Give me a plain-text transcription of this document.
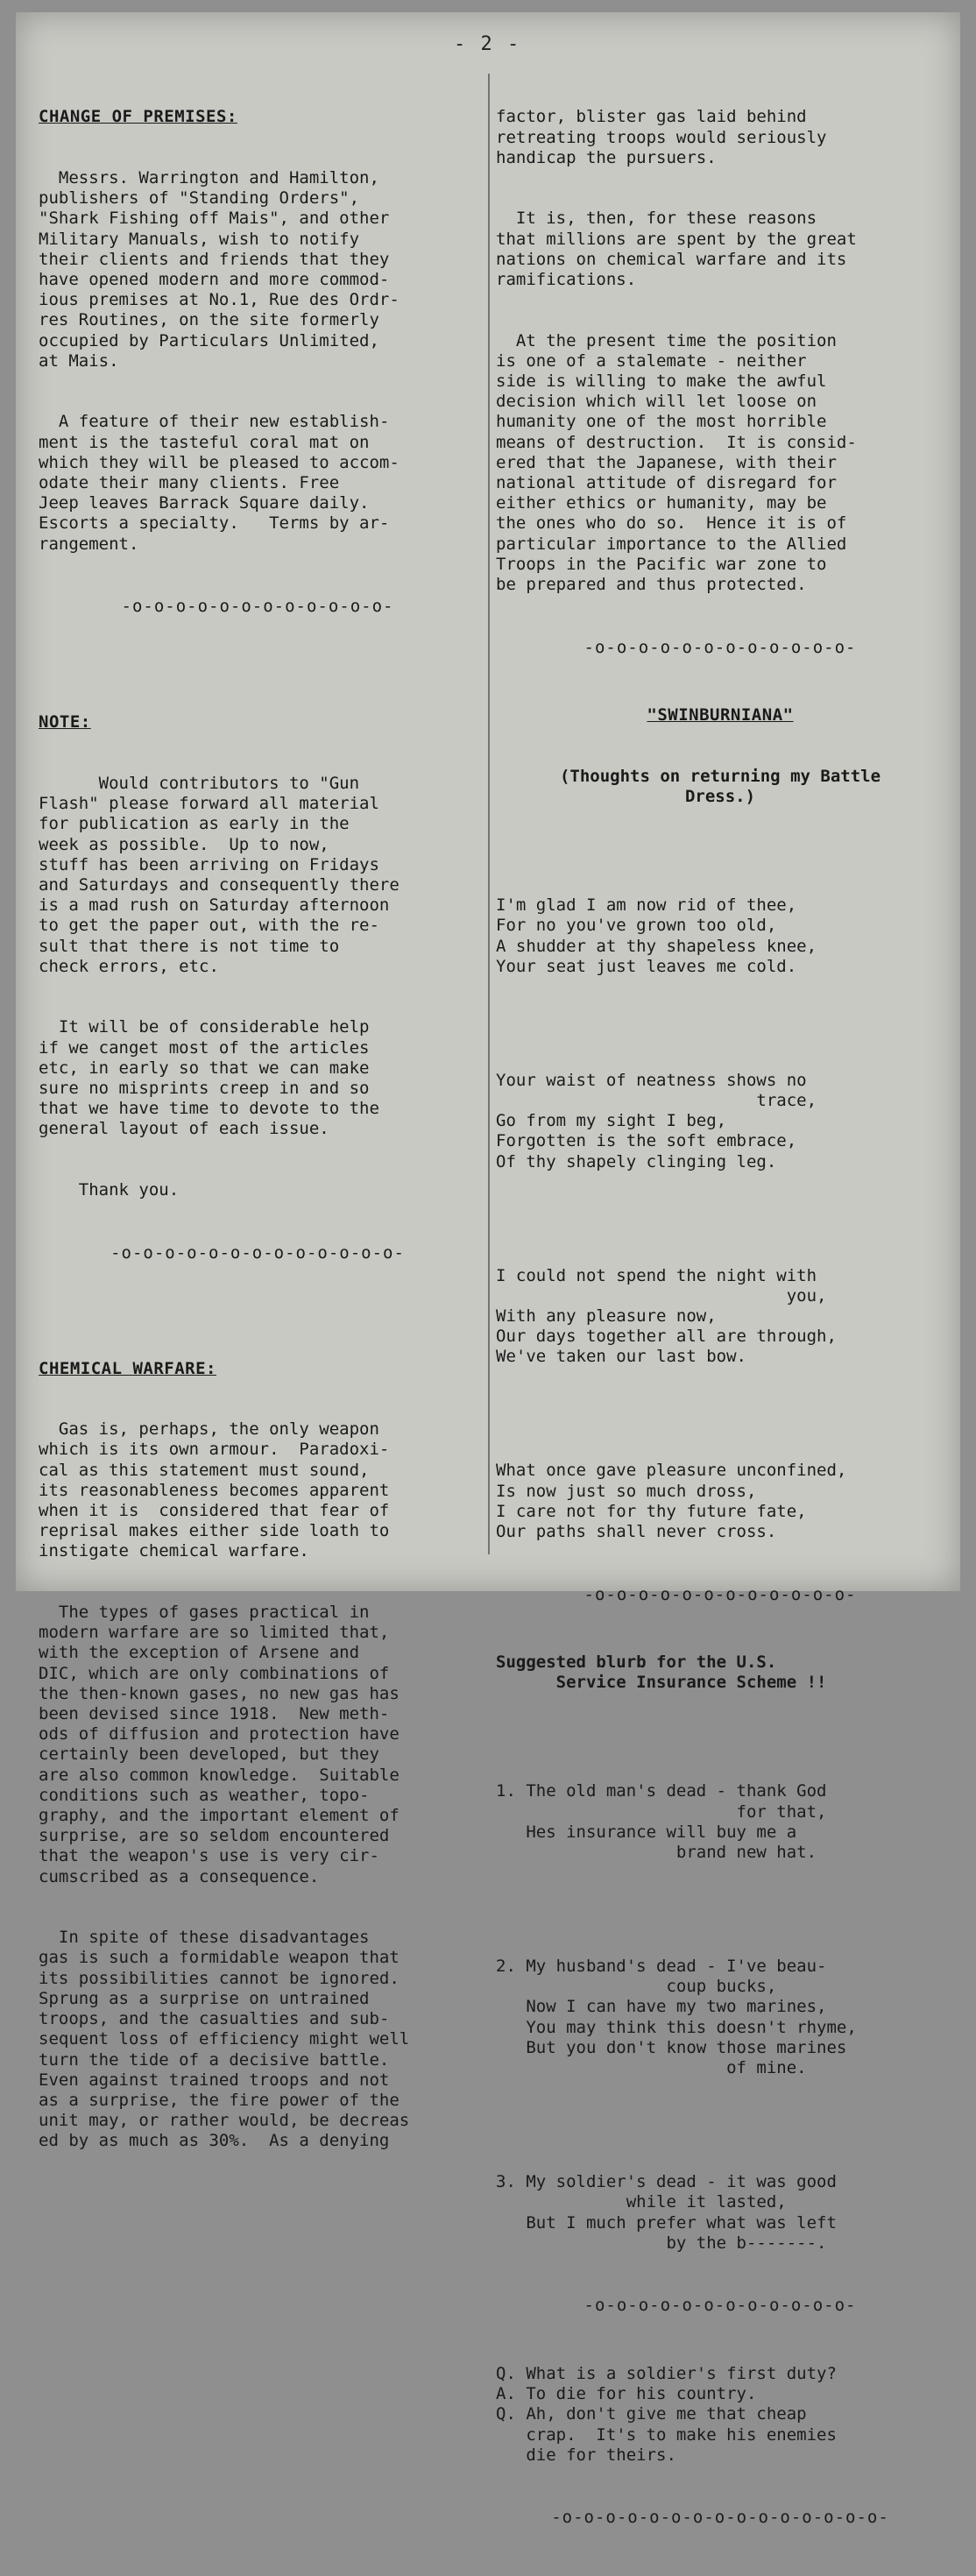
- 2 -

CHANGE OF PREMISES:

Messrs. Warrington and Hamilton,
publishers of "Standing Orders",
"Shark Fishing off Mais", and other
Military Manuals, wish to notify
their clients and friends that they
have opened modern and more commod-
ious premises at No.1, Rue des Ordr-
res Routines, on the site formerly
occupied by Particulars Unlimited,
at Mais.

A feature of their new establish-
ment is the tasteful coral mat on
which they will be pleased to accom-
odate their many clients. Free
Jeep leaves Barrack Square daily.
Escorts a specialty.   Terms by ar-
rangement.

-o-o-o-o-o-o-o-o-o-o-o-o-

NOTE:

Would contributors to "Gun
Flash" please forward all material
for publication as early in the
week as possible.  Up to now,
stuff has been arriving on Fridays
and Saturdays and consequently there
is a mad rush on Saturday afternoon
to get the paper out, with the re-
sult that there is not time to
check errors, etc.

It will be of considerable help
if we canget most of the articles
etc, in early so that we can make
sure no misprints creep in and so
that we have time to devote to the
general layout of each issue.

Thank you.

-o-o-o-o-o-o-o-o-o-o-o-o-o-

CHEMICAL WARFARE:

Gas is, perhaps, the only weapon
which is its own armour.  Paradoxi-
cal as this statement must sound,
its reasonableness becomes apparent
when it is  considered that fear of
reprisal makes either side loath to
instigate chemical warfare.

The types of gases practical in
modern warfare are so limited that,
with the exception of Arsene and
DIC, which are only combinations of
the then-known gases, no new gas has
been devised since 1918.  New meth-
ods of diffusion and protection have
certainly been developed, but they
are also common knowledge.  Suitable
conditions such as weather, topo-
graphy, and the important element of
surprise, are so seldom encountered
that the weapon's use is very cir-
cumscribed as a consequence.

In spite of these disadvantages
gas is such a formidable weapon that
its possibilities cannot be ignored.
Sprung as a surprise on untrained
troops, and the casualties and sub-
sequent loss of efficiency might well
turn the tide of a decisive battle.
Even against trained troops and not
as a surprise, the fire power of the
unit may, or rather would, be decreas
ed by as much as 30%.  As a denying

factor, blister gas laid behind
retreating troops would seriously
handicap the pursuers.

It is, then, for these reasons
that millions are spent by the great
nations on chemical warfare and its
ramifications.

At the present time the position
is one of a stalemate - neither
side is willing to make the awful
decision which will let loose on
humanity one of the most horrible
means of destruction.  It is consid-
ered that the Japanese, with their
national attitude of disregard for
either ethics or humanity, may be
the ones who do so.  Hence it is of
particular importance to the Allied
Troops in the Pacific war zone to
be prepared and thus protected.

-o-o-o-o-o-o-o-o-o-o-o-o-

"SWINBURNIANA"

(Thoughts on returning my Battle
Dress.)

I'm glad I am now rid of thee,
For no you've grown too old,
A shudder at thy shapeless knee,
Your seat just leaves me cold.

Your waist of neatness shows no
trace,
Go from my sight I beg,
Forgotten is the soft embrace,
Of thy shapely clinging leg.

I could not spend the night with
you,
With any pleasure now,
Our days together all are through,
We've taken our last bow.

What once gave pleasure unconfined,
Is now just so much dross,
I care not for thy future fate,
Our paths shall never cross.

-o-o-o-o-o-o-o-o-o-o-o-o-

Suggested blurb for the U.S.
Service Insurance Scheme !!

1. The old man's dead - thank God
for that,
Hes insurance will buy me a
brand new hat.

2. My husband's dead - I've beau-
coup bucks,
Now I can have my two marines,
You may think this doesn't rhyme,
But you don't know those marines
of mine.

3. My soldier's dead - it was good
while it lasted,
But I much prefer what was left
by the b-------.

-o-o-o-o-o-o-o-o-o-o-o-o-

Q. What is a soldier's first duty?
A. To die for his country.
Q. Ah, don't give me that cheap
crap.  It's to make his enemies
die for theirs.

-o-o-o-o-o-o-o-o-o-o-o-o-o-o-o-
